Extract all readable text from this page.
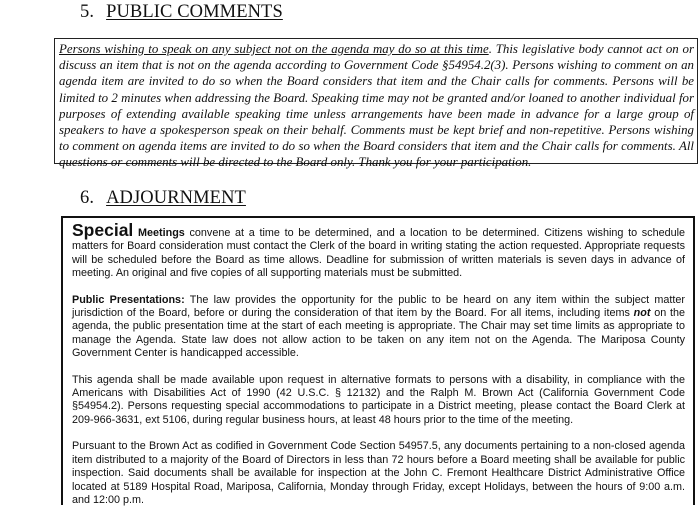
5. PUBLIC COMMENTS
Persons wishing to speak on any subject not on the agenda may do so at this time. This legislative body cannot act on or discuss an item that is not on the agenda according to Government Code §54954.2(3). Persons wishing to comment on an agenda item are invited to do so when the Board considers that item and the Chair calls for comments. Persons will be limited to 2 minutes when addressing the Board. Speaking time may not be granted and/or loaned to another individual for purposes of extending available speaking time unless arrangements have been made in advance for a large group of speakers to have a spokesperson speak on their behalf. Comments must be kept brief and non-repetitive. Persons wishing to comment on agenda items are invited to do so when the Board considers that item and the Chair calls for comments. All questions or comments will be directed to the Board only. Thank you for your participation.
6. ADJOURNMENT

Special Meetings convene at a time to be determined, and a location to be determined. Citizens wishing to schedule matters for Board consideration must contact the Clerk of the board in writing stating the action requested. Appropriate requests will be scheduled before the Board as time allows. Deadline for submission of written materials is seven days in advance of meeting. An original and five copies of all supporting materials must be submitted.

Public Presentations: The law provides the opportunity for the public to be heard on any item within the subject matter jurisdiction of the Board, before or during the consideration of that item by the Board. For all items, including items not on the agenda, the public presentation time at the start of each meeting is appropriate. The Chair may set time limits as appropriate to manage the Agenda. State law does not allow action to be taken on any item not on the Agenda. The Mariposa County Government Center is handicapped accessible.

This agenda shall be made available upon request in alternative formats to persons with a disability, in compliance with the Americans with Disabilities Act of 1990 (42 U.S.C. § 12132) and the Ralph M. Brown Act (California Government Code §54954.2). Persons requesting special accommodations to participate in a District meeting, please contact the Board Clerk at 209-966-3631, ext 5106, during regular business hours, at least 48 hours prior to the time of the meeting.

Pursuant to the Brown Act as codified in Government Code Section 54957.5, any documents pertaining to a non-closed agenda item distributed to a majority of the Board of Directors in less than 72 hours before a Board meeting shall be available for public inspection. Said documents shall be available for inspection at the John C. Fremont Healthcare District Administrative Office located at 5189 Hospital Road, Mariposa, California, Monday through Friday, except Holidays, between the hours of 9:00 a.m. and 12:00 p.m.
